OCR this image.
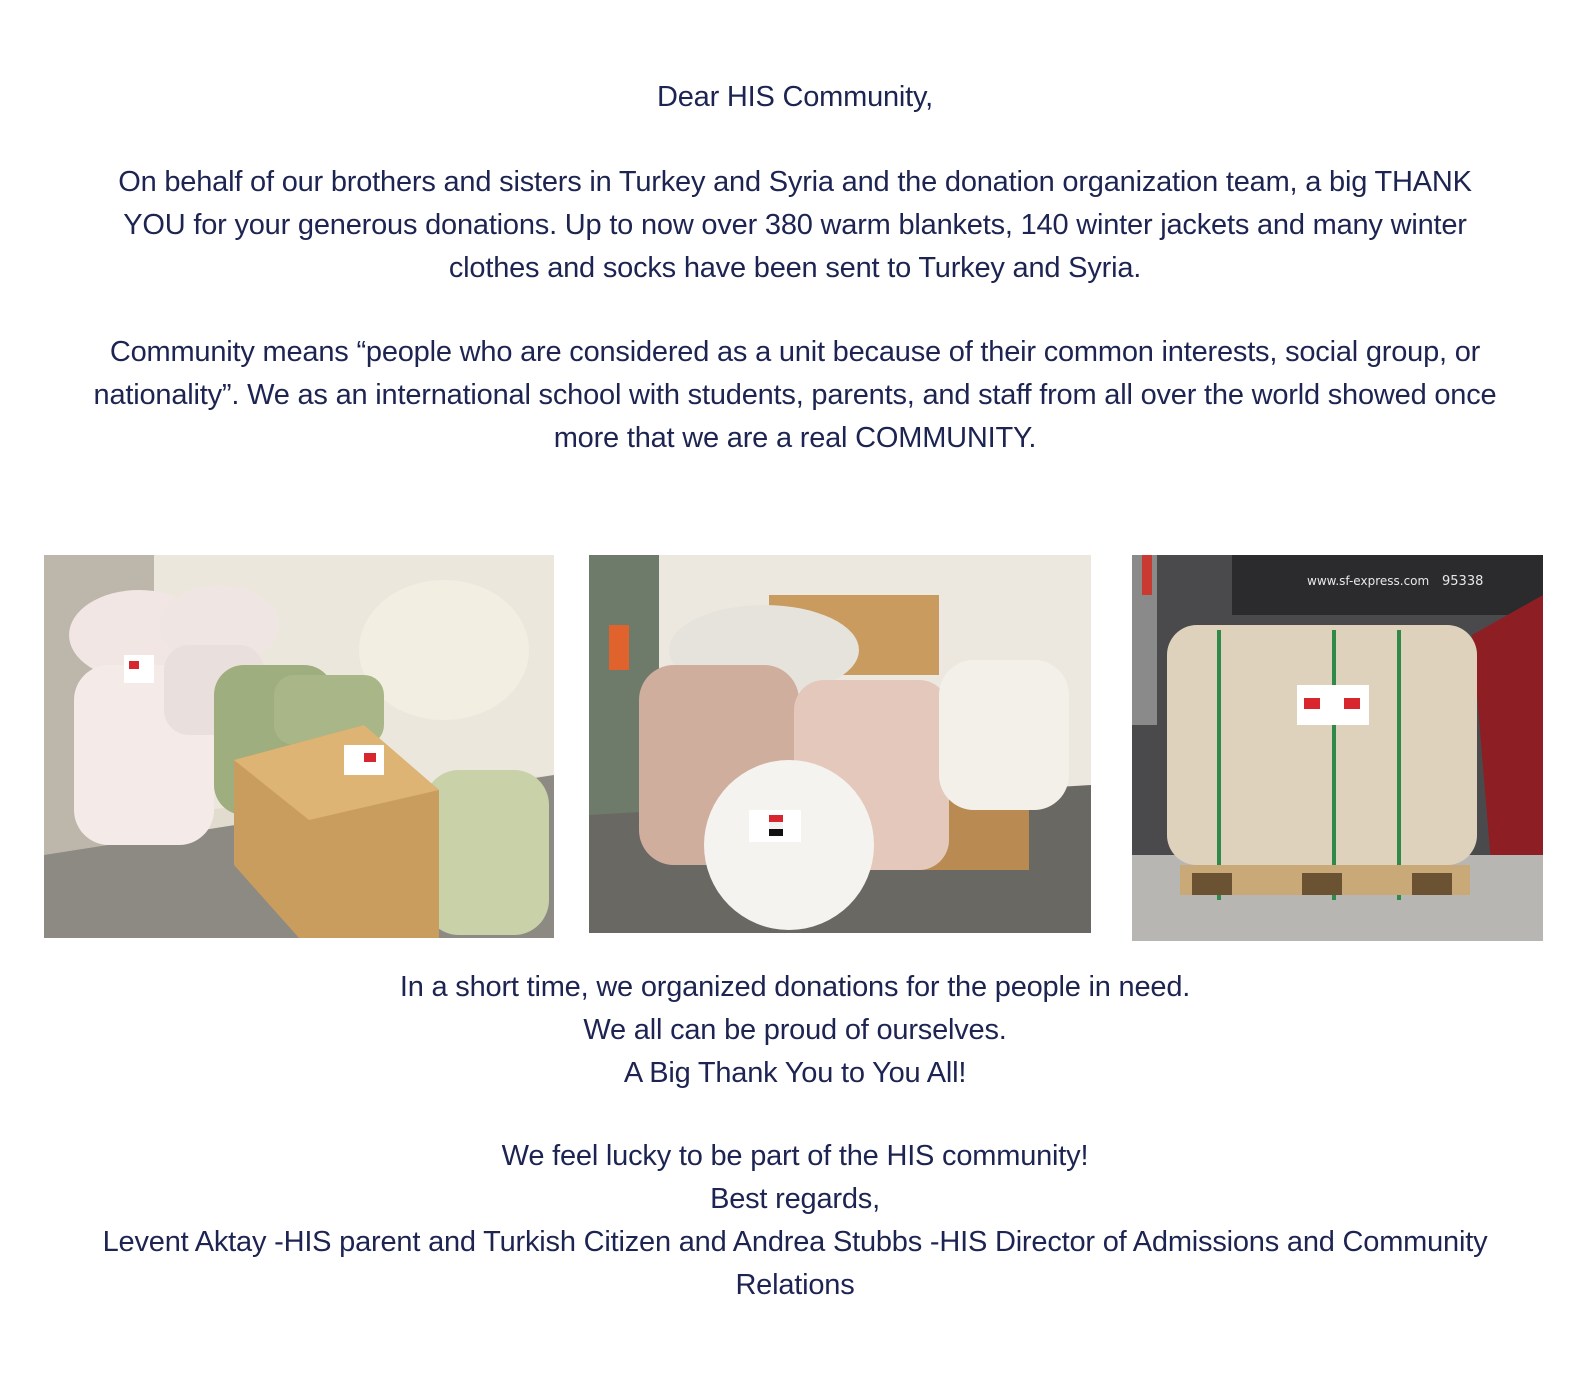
Dear HIS Community,

On behalf of our brothers and sisters in Turkey and Syria and the donation organization team, a big THANK YOU for your generous donations. Up to now over 380 warm blankets, 140 winter jackets and many winter clothes and socks have been sent to Turkey and Syria.

Community means “people who are considered as a unit because of their common interests, social group, or nationality”. We as an international school with students, parents, and staff from all over the world showed once more that we are a real COMMUNITY.

www.sf-express.com 95338

In a short time, we organized donations for the people in need.

We all can be proud of ourselves.

A Big Thank You to You All!

We feel lucky to be part of the HIS community!

Best regards,

Levent Aktay -HIS parent and Turkish Citizen and Andrea Stubbs -HIS Director of Admissions and Community Relations
